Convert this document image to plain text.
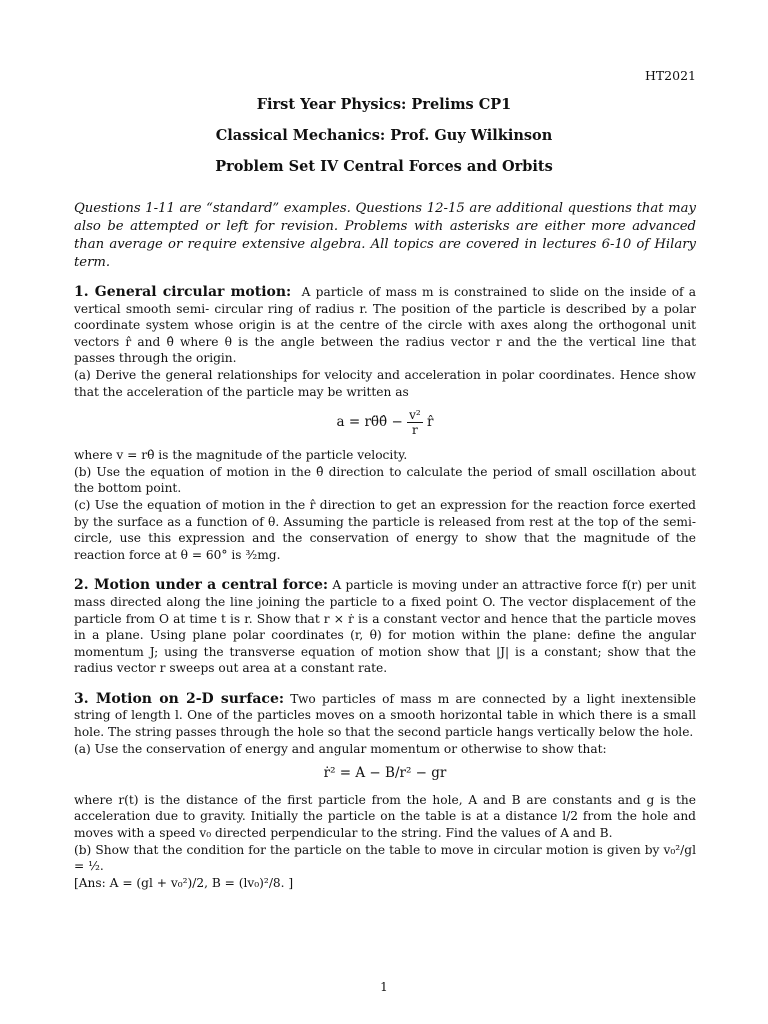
HT2021

First Year Physics: Prelims CP1

Classical Mechanics: Prof. Guy Wilkinson

Problem Set IV Central Forces and Orbits

Questions 1-11 are “standard” examples. Questions 12-15 are additional questions that may also be attempted or left for revision. Problems with asterisks are either more advanced than average or require extensive algebra. All topics are covered in lectures 6-10 of Hilary term.

1. General circular motion: A particle of mass m is constrained to slide on the inside of a vertical smooth semi- circular ring of radius r. The position of the particle is described by a polar coordinate system whose origin is at the centre of the circle with axes along the orthogonal unit vectors r̂ and θ̂ where θ is the angle between the radius vector r and the the vertical line that passes through the origin.

(a) Derive the general relationships for velocity and acceleration in polar coordinates. Hence show that the acceleration of the particle may be written as

a = rθ̈θ̂ − $\frac{\text{v²}}{r}$ r̂

where v = rθ̇ is the magnitude of the particle velocity.

(b) Use the equation of motion in the θ̂ direction to calculate the period of small oscillation about the bottom point.

(c) Use the equation of motion in the r̂ direction to get an expression for the reaction force exerted by the surface as a function of θ. Assuming the particle is released from rest at the top of the semi-circle, use this expression and the conservation of energy to show that the magnitude of the reaction force at θ = 60° is ³⁄₂mg.

2. Motion under a central force: A particle is moving under an attractive force f(r) per unit mass directed along the line joining the particle to a fixed point O. The vector displacement of the particle from O at time t is r. Show that r × ṙ is a constant vector and hence that the particle moves in a plane. Using plane polar coordinates (r, θ) for motion within the plane: define the angular momentum J; using the transverse equation of motion show that |J| is a constant; show that the radius vector r sweeps out area at a constant rate.

3. Motion on 2-D surface: Two particles of mass m are connected by a light inextensible string of length l. One of the particles moves on a smooth horizontal table in which there is a small hole. The string passes through the hole so that the second particle hangs vertically below the hole.

(a) Use the conservation of energy and angular momentum or otherwise to show that:

ṙ² = A − B/r² − gr

where r(t) is the distance of the first particle from the hole, A and B are constants and g is the acceleration due to gravity. Initially the particle on the table is at a distance l/2 from the hole and moves with a speed v₀ directed perpendicular to the string. Find the values of A and B.

(b) Show that the condition for the particle on the table to move in circular motion is given by v₀²/gl = ½.

[Ans: A = (gl + v₀²)/2, B = (lv₀)²/8. ]

1
